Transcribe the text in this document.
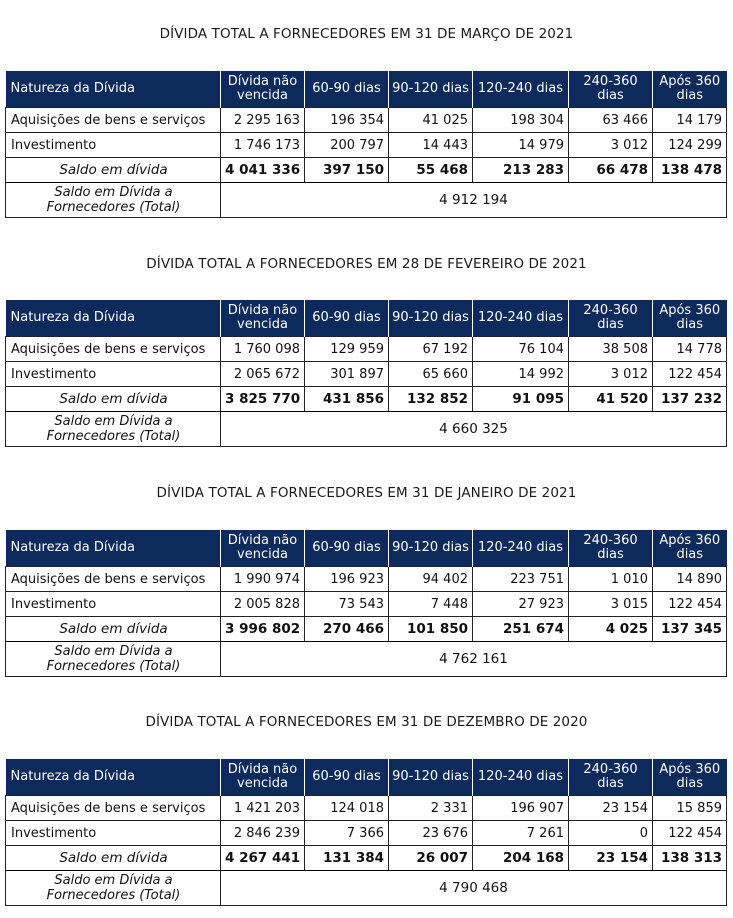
DÍVIDA TOTAL A FORNECEDORES EM 31 DE MARÇO DE 2021
Natureza da Dívida	Dívida não vencida	60-90 dias	90-120 dias	120-240 dias	240-360 dias	Após 360 dias
Aquisições de bens e serviços	2 295 163	196 354	41 025	198 304	63 466	14 179
Investimento	1 746 173	200 797	14 443	14 979	3 012	124 299
Saldo em dívida	4 041 336	397 150	55 468	213 283	66 478	138 478
Saldo em Dívida a Fornecedores (Total)	4 912 194					
DÍVIDA TOTAL A FORNECEDORES EM 28 DE FEVEREIRO DE 2021
Natureza da Dívida	Dívida não vencida	60-90 dias	90-120 dias	120-240 dias	240-360 dias	Após 360 dias
Aquisições de bens e serviços	1 760 098	129 959	67 192	76 104	38 508	14 778
Investimento	2 065 672	301 897	65 660	14 992	3 012	122 454
Saldo em dívida	3 825 770	431 856	132 852	91 095	41 520	137 232
Saldo em Dívida a Fornecedores (Total)	4 660 325					
DÍVIDA TOTAL A FORNECEDORES EM 31 DE JANEIRO DE 2021
Natureza da Dívida	Dívida não vencida	60-90 dias	90-120 dias	120-240 dias	240-360 dias	Após 360 dias
Aquisições de bens e serviços	1 990 974	196 923	94 402	223 751	1 010	14 890
Investimento	2 005 828	73 543	7 448	27 923	3 015	122 454
Saldo em dívida	3 996 802	270 466	101 850	251 674	4 025	137 345
Saldo em Dívida a Fornecedores (Total)	4 762 161					
DÍVIDA TOTAL A FORNECEDORES EM 31 DE DEZEMBRO DE 2020
Natureza da Dívida	Dívida não vencida	60-90 dias	90-120 dias	120-240 dias	240-360 dias	Após 360 dias
Aquisições de bens e serviços	1 421 203	124 018	2 331	196 907	23 154	15 859
Investimento	2 846 239	7 366	23 676	7 261	0	122 454
Saldo em dívida	4 267 441	131 384	26 007	204 168	23 154	138 313
Saldo em Dívida a Fornecedores (Total)	4 790 468					
